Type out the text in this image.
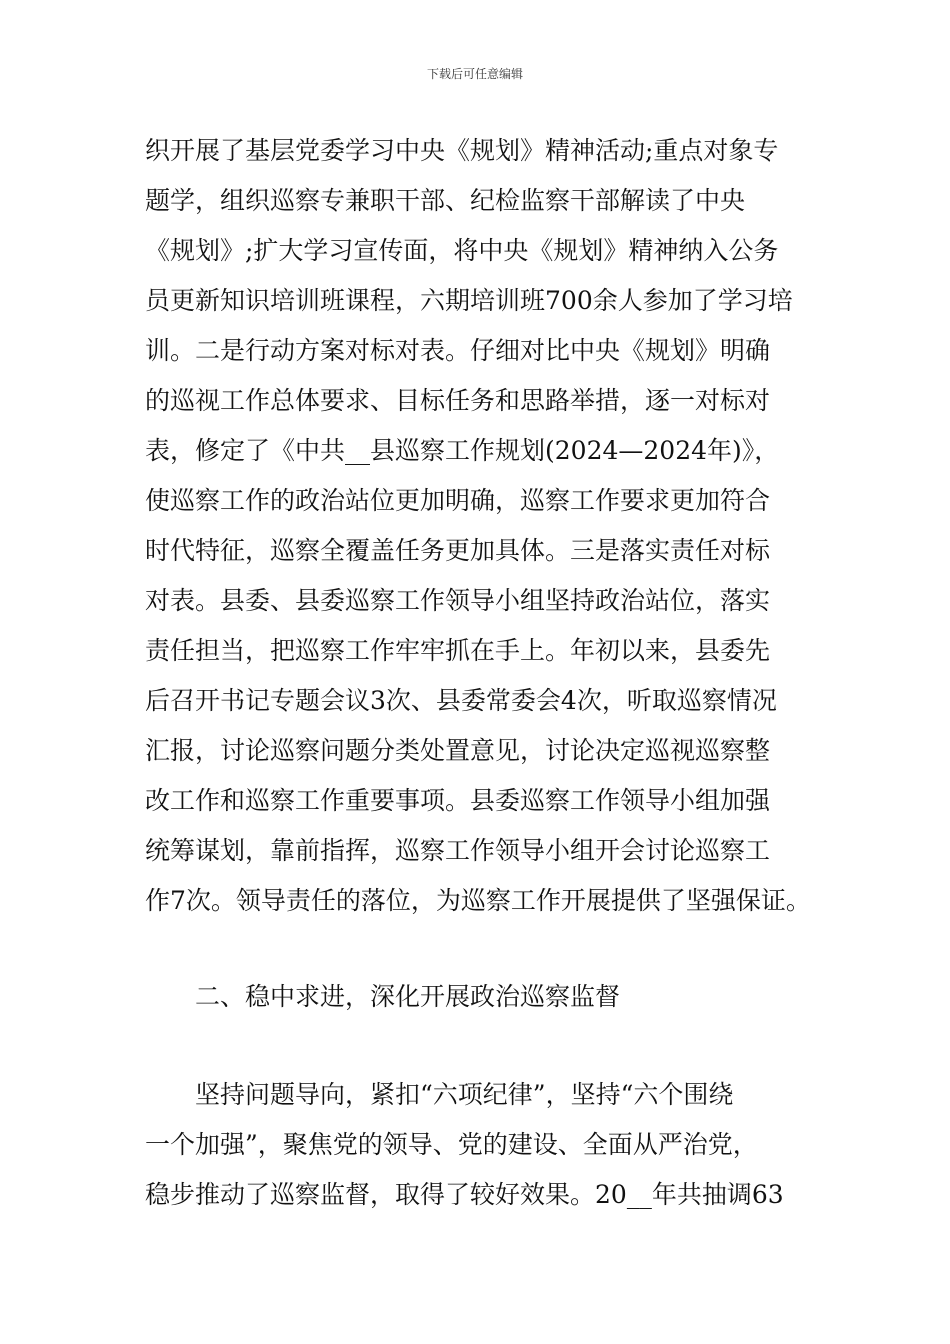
下载后可任意编辑
织开展了基层党委学习中央《规划》精神活动;重点对象专
题学，组织巡察专兼职干部、纪检监察干部解读了中央
《规划》;扩大学习宣传面，将中央《规划》精神纳入公务
员更新知识培训班课程，六期培训班700余人参加了学习培
训。二是行动方案对标对表。仔细对比中央《规划》明确
的巡视工作总体要求、目标任务和思路举措，逐一对标对
表，修定了《中共__县巡察工作规划(2024—2024年)》，
使巡察工作的政治站位更加明确，巡察工作要求更加符合
时代特征，巡察全覆盖任务更加具体。三是落实责任对标
对表。县委、县委巡察工作领导小组坚持政治站位，落实
责任担当，把巡察工作牢牢抓在手上。年初以来，县委先
后召开书记专题会议3次、县委常委会4次，听取巡察情况
汇报，讨论巡察问题分类处置意见，讨论决定巡视巡察整
改工作和巡察工作重要事项。县委巡察工作领导小组加强
统筹谋划，靠前指挥，巡察工作领导小组开会讨论巡察工
作7次。领导责任的落位，为巡察工作开展提供了坚强保证。
二、稳中求进，深化开展政治巡察监督
坚持问题导向，紧扣“六项纪律”，坚持“六个围绕
一个加强”，聚焦党的领导、党的建设、全面从严治党，
稳步推动了巡察监督，取得了较好效果。20__年共抽调63
